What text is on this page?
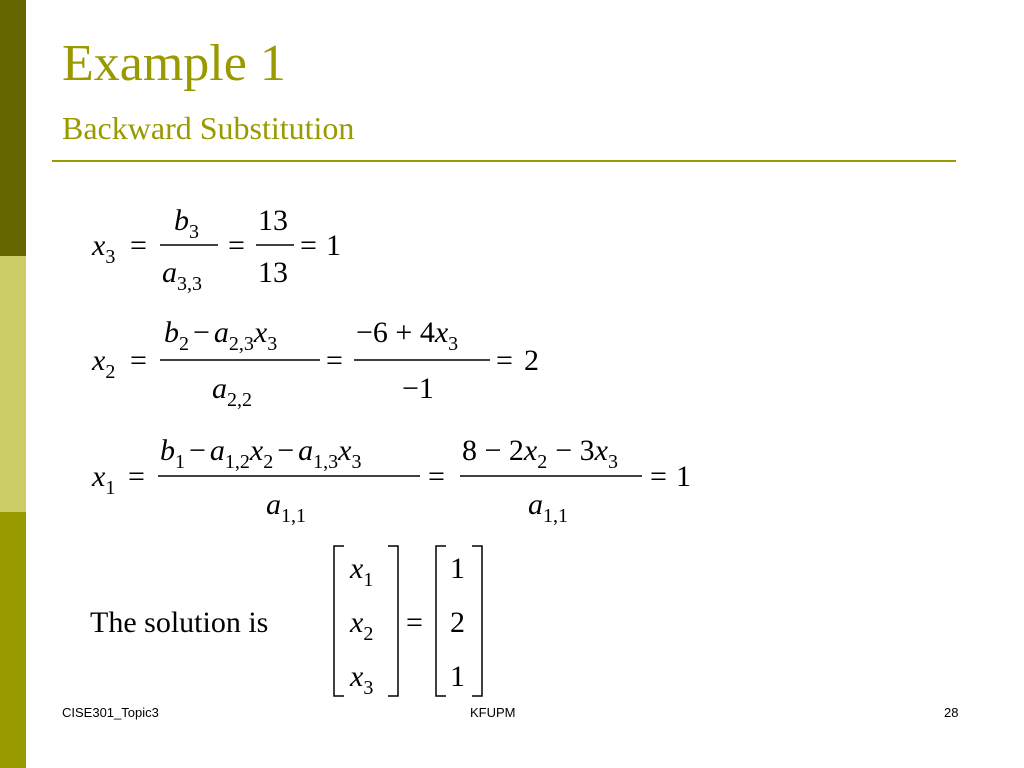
Example 1
Backward Substitution
$x_3$ =
$b_3$
$a_{3,3}$
=
13
13
= 1
$x_2$ =
$b_2 - a_{2,3}x_3$
$a_{2,2}$
=
$-6 + 4x_3$
−1
= 2
$x_1$ =
$b_1 - a_{1,2}x_2 - a_{1,3}x_3$
$a_{1,1}$
=
$8 - 2x_2 - 3x_3$
$a_{1,1}$
= 1
The solution is
$x_1$
$x_2$
$x_3$
=
1
2
1
CISE301_Topic3	KFUPM	28
